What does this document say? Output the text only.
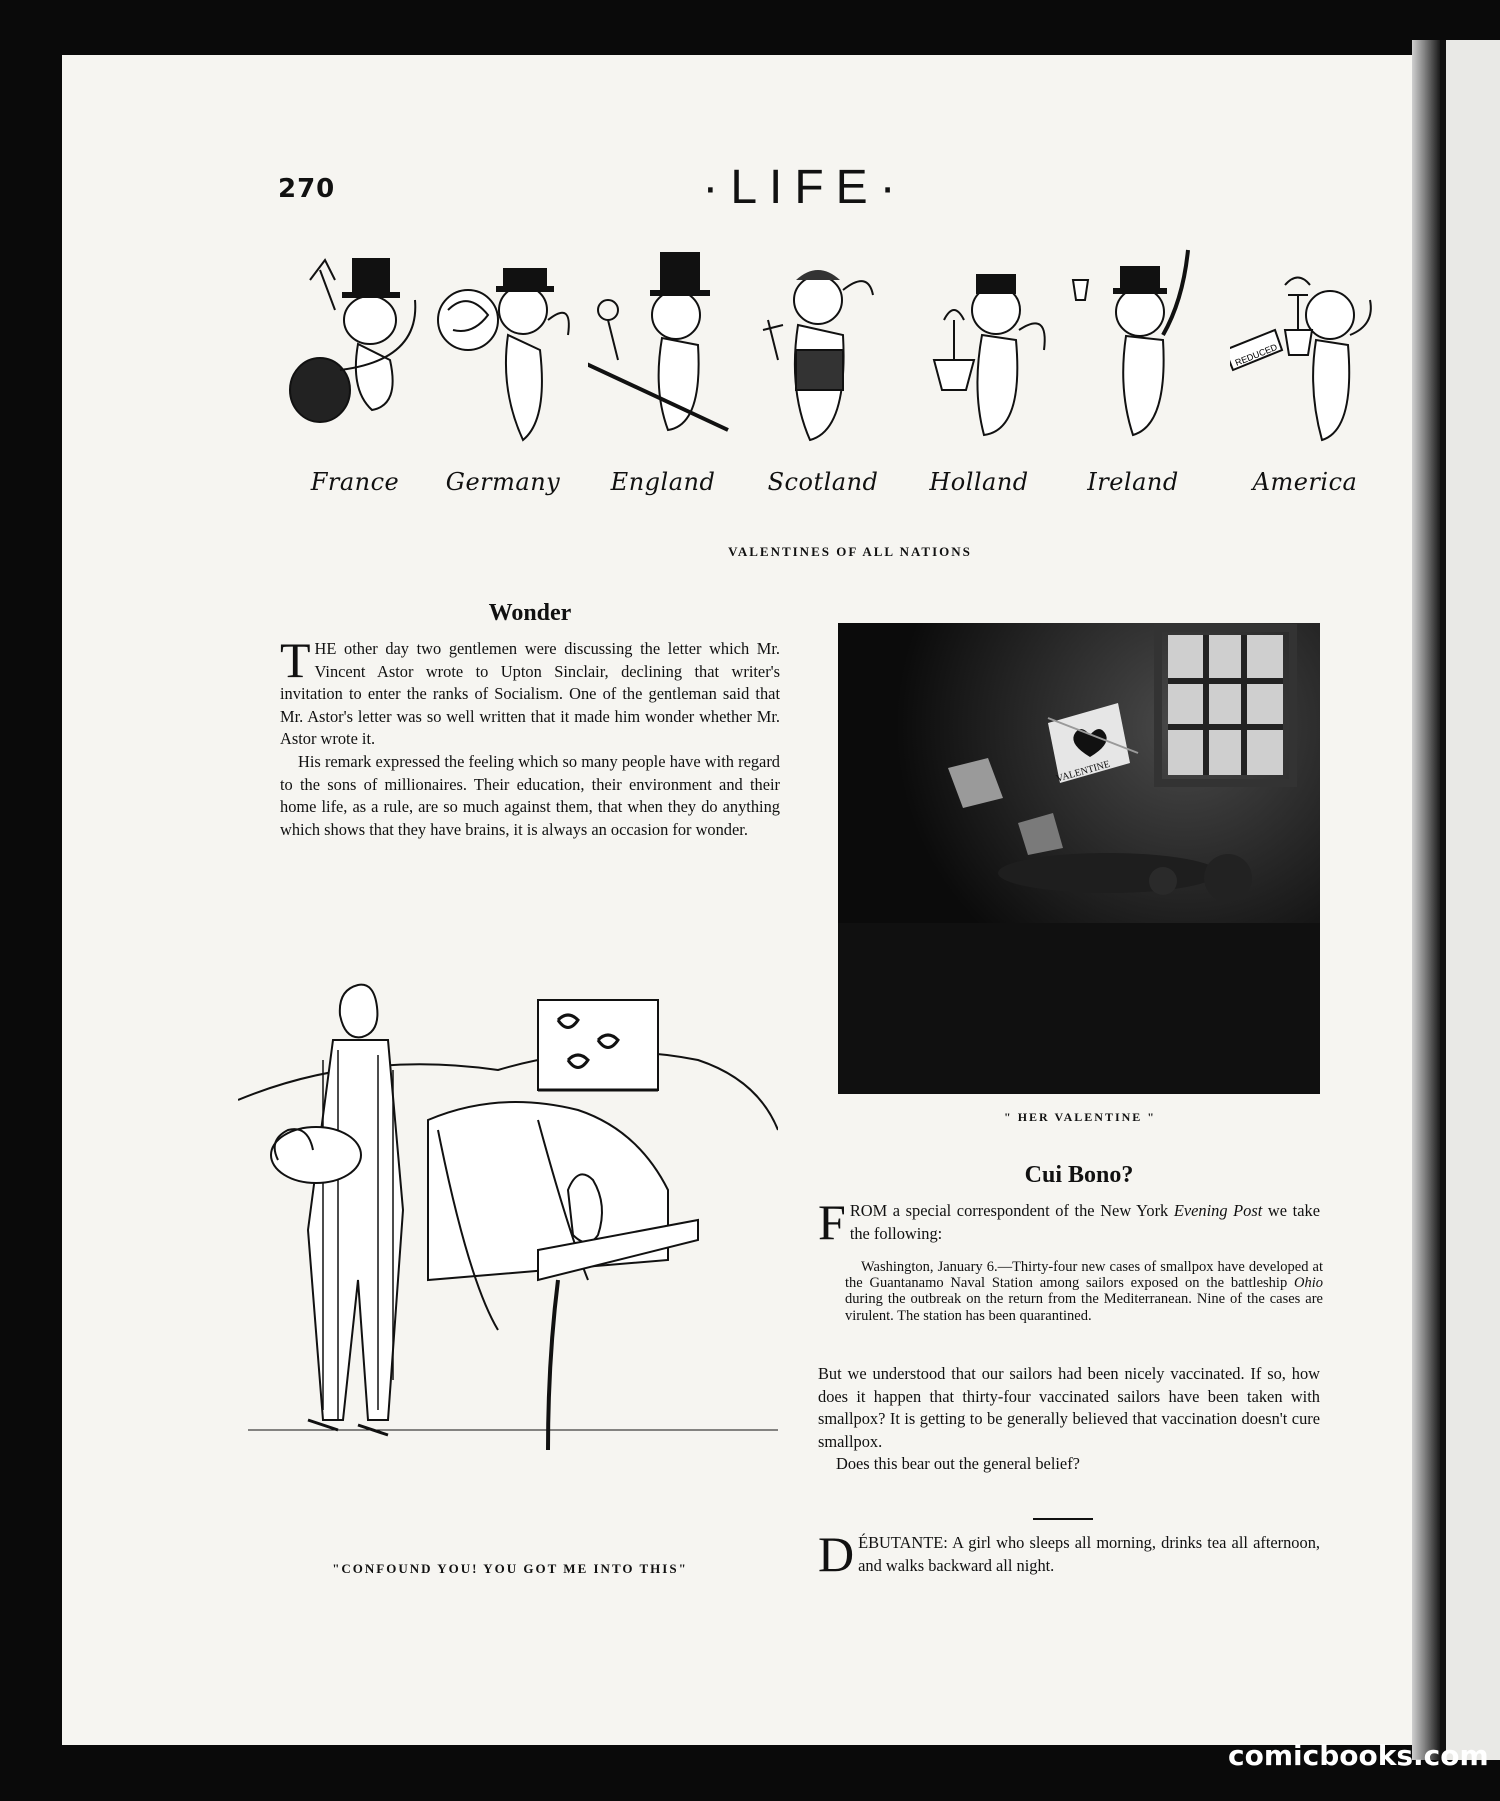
270	·LIFE·
France	Germany	England	Scotland	Holland	Ireland
REDUCED
America
VALENTINES OF ALL NATIONS
Wonder

THE other day two gentlemen were discussing the letter which Mr. Vincent Astor wrote to Upton Sinclair, declining that writer's invitation to enter the ranks of Socialism. One of the gentleman said that Mr. Astor's letter was so well written that it made him wonder whether Mr. Astor wrote it.

His remark expressed the feeling which so many people have with regard to the sons of millionaires. Their education, their environment and their home life, as a rule, are so much against them, that when they do anything which shows that they have brains, it is always an occasion for wonder.

VALENTINE
" HER VALENTINE "
"CONFOUND YOU! YOU GOT ME INTO THIS"
Cui Bono?

FROM a special correspondent of the New York Evening Post we take the following:

Washington, January 6.—Thirty-four new cases of smallpox have developed at the Guantanamo Naval Station among sailors exposed on the battleship Ohio during the outbreak on the return from the Mediterranean. Nine of the cases are virulent. The station has been quarantined.

But we understood that our sailors had been nicely vaccinated. If so, how does it happen that thirty-four vaccinated sailors have been taken with smallpox? It is getting to be generally believed that vaccination doesn't cure smallpox.

Does this bear out the general belief?

DÉBUTANTE: A girl who sleeps all morning, drinks tea all afternoon, and walks backward all night.

comicbooks.com
